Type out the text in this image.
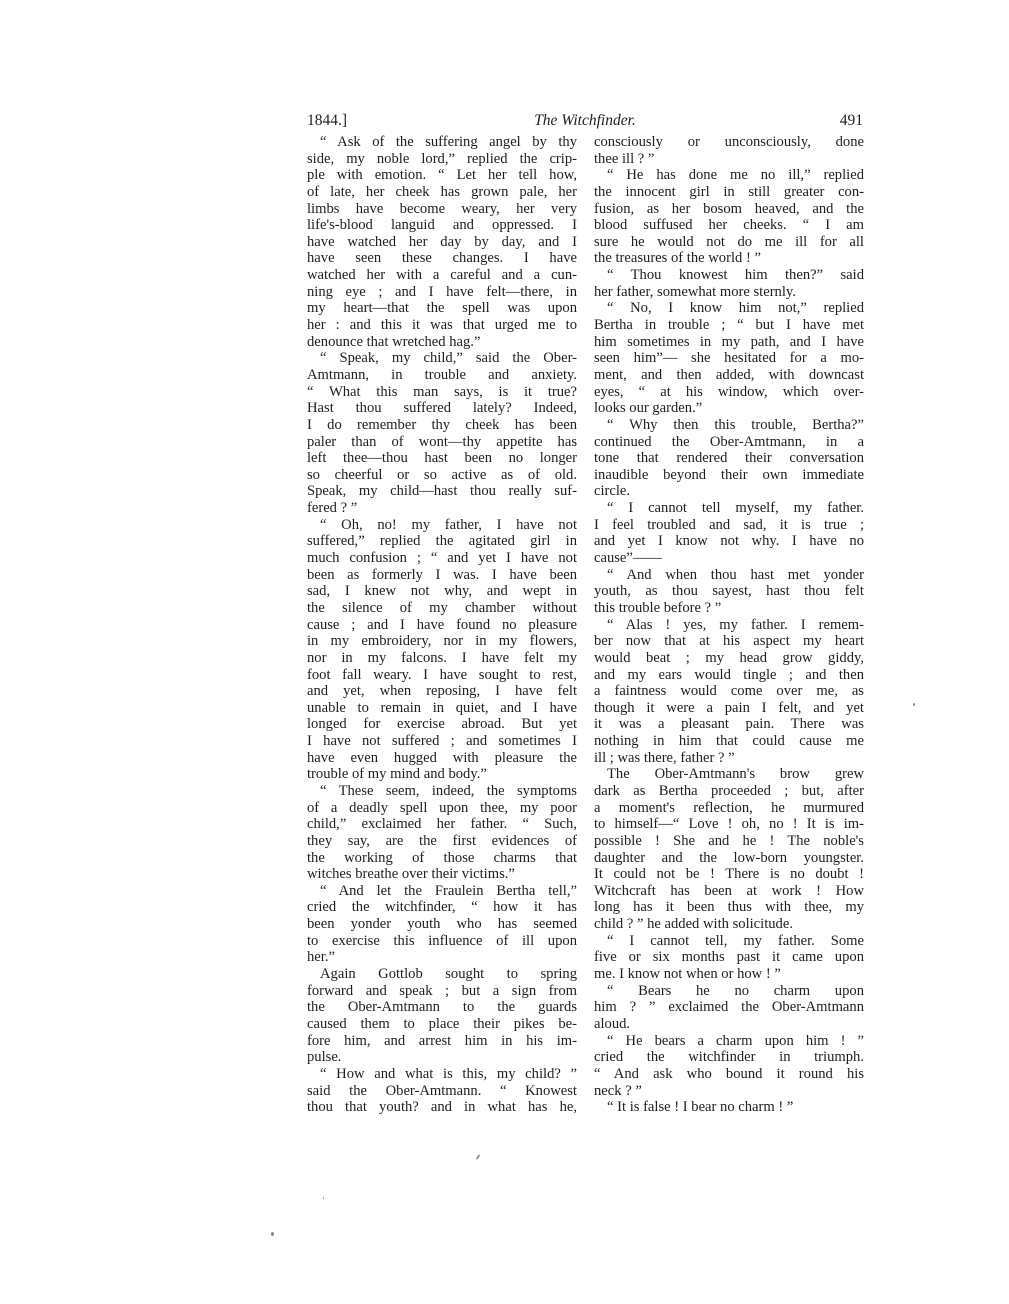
1844.]	The Witchfinder.	491
“ Ask of the suffering angel by thy
side, my noble lord,” replied the crip-
ple with emotion. “ Let her tell how,
of late, her cheek has grown pale, her
limbs have become weary, her very
life's-blood languid and oppressed. I
have watched her day by day, and I
have seen these changes. I have
watched her with a careful and a cun-
ning eye ; and I have felt—there, in
my heart—that the spell was upon
her : and this it was that urged me to
denounce that wretched hag.”
“ Speak, my child,” said the Ober-
Amtmann, in trouble and anxiety.
“ What this man says, is it true?
Hast thou suffered lately? Indeed,
I do remember thy cheek has been
paler than of wont—thy appetite has
left thee—thou hast been no longer
so cheerful or so active as of old.
Speak, my child—hast thou really suf-
fered ? ”
“ Oh, no! my father, I have not
suffered,” replied the agitated girl in
much confusion ; “ and yet I have not
been as formerly I was. I have been
sad, I knew not why, and wept in
the silence of my chamber without
cause ; and I have found no pleasure
in my embroidery, nor in my flowers,
nor in my falcons. I have felt my
foot fall weary. I have sought to rest,
and yet, when reposing, I have felt
unable to remain in quiet, and I have
longed for exercise abroad. But yet
I have not suffered ; and sometimes I
have even hugged with pleasure the
trouble of my mind and body.”
“ These seem, indeed, the symptoms
of a deadly spell upon thee, my poor
child,” exclaimed her father. “ Such,
they say, are the first evidences of
the working of those charms that
witches breathe over their victims.”
“ And let the Fraulein Bertha tell,”
cried the witchfinder, “ how it has
been yonder youth who has seemed
to exercise this influence of ill upon
her.”
Again Gottlob sought to spring
forward and speak ; but a sign from
the Ober-Amtmann to the guards
caused them to place their pikes be-
fore him, and arrest him in his im-
pulse.
“ How and what is this, my child? ”
said the Ober-Amtmann. “ Knowest
thou that youth? and in what has he,
consciously or unconsciously, done
thee ill ? ”
“ He has done me no ill,” replied
the innocent girl in still greater con-
fusion, as her bosom heaved, and the
blood suffused her cheeks. “ I am
sure he would not do me ill for all
the treasures of the world ! ”
“ Thou knowest him then?” said
her father, somewhat more sternly.
“ No, I know him not,” replied
Bertha in trouble ; “ but I have met
him sometimes in my path, and I have
seen him”— she hesitated for a mo-
ment, and then added, with downcast
eyes, “ at his window, which over-
looks our garden.”
“ Why then this trouble, Bertha?”
continued the Ober-Amtmann, in a
tone that rendered their conversation
inaudible beyond their own immediate
circle.
“ I cannot tell myself, my father.
I feel troubled and sad, it is true ;
and yet I know not why. I have no
cause”——
“ And when thou hast met yonder
youth, as thou sayest, hast thou felt
this trouble before ? ”
“ Alas ! yes, my father. I remem-
ber now that at his aspect my heart
would beat ; my head grow giddy,
and my ears would tingle ; and then
a faintness would come over me, as
though it were a pain I felt, and yet
it was a pleasant pain. There was
nothing in him that could cause me
ill ; was there, father ? ”
The Ober-Amtmann's brow grew
dark as Bertha proceeded ; but, after
a moment's reflection, he murmured
to himself—“ Love ! oh, no ! It is im-
possible ! She and he ! The noble's
daughter and the low-born youngster.
It could not be ! There is no doubt !
Witchcraft has been at work ! How
long has it been thus with thee, my
child ? ” he added with solicitude.
“ I cannot tell, my father. Some
five or six months past it came upon
me. I know not when or how ! ”
“ Bears he no charm upon
him ? ” exclaimed the Ober-Amtmann
aloud.
“ He bears a charm upon him ! ”
cried the witchfinder in triumph.
“ And ask who bound it round his
neck ? ”
“ It is false ! I bear no charm ! ”
